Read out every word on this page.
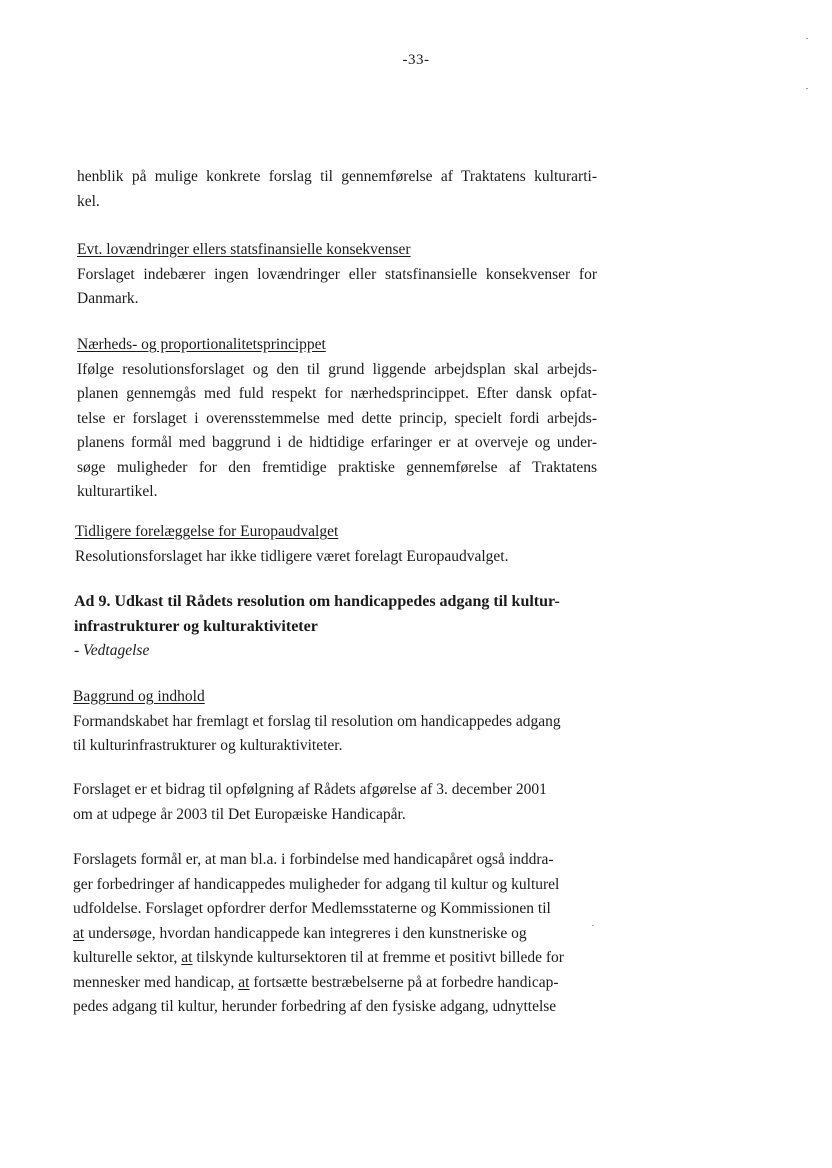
-33-
henblik på mulige konkrete forslag til gennemførelse af Traktatens kulturarti-
kel.
Evt. lovændringer ellers statsfinansielle konsekvenser
Forslaget indebærer ingen lovændringer eller statsfinansielle konsekvenser for
Danmark.
Nærheds- og proportionalitetsprincippet
Ifølge resolutionsforslaget og den til grund liggende arbejdsplan skal arbejds-
planen gennemgås med fuld respekt for nærhedsprincippet. Efter dansk opfat-
telse er forslaget i overensstemmelse med dette princip, specielt fordi arbejds-
planens formål med baggrund i de hidtidige erfaringer er at overveje og under-
søge muligheder for den fremtidige praktiske gennemførelse af Traktatens
kulturartikel.
Tidligere forelæggelse for Europaudvalget
Resolutionsforslaget har ikke tidligere været forelagt Europaudvalget.
Ad 9. Udkast til Rådets resolution om handicappedes adgang til kultur-
infrastrukturer og kulturaktiviteter
- Vedtagelse
Baggrund og indhold
Formandskabet har fremlagt et forslag til resolution om handicappedes adgang
til kulturinfrastrukturer og kulturaktiviteter.
Forslaget er et bidrag til opfølgning af Rådets afgørelse af 3. december 2001
om at udpege år 2003 til Det Europæiske Handicapår.
Forslagets formål er, at man bl.a. i forbindelse med handicapåret også inddra-
ger forbedringer af handicappedes muligheder for adgang til kultur og kulturel
udfoldelse. Forslaget opfordrer derfor Medlemsstaterne og Kommissionen til
at undersøge, hvordan handicappede kan integreres i den kunstneriske og
kulturelle sektor, at tilskynde kultursektoren til at fremme et positivt billede for
mennesker med handicap, at fortsætte bestræbelserne på at forbedre handicap-
pedes adgang til kultur, herunder forbedring af den fysiske adgang, udnyttelse
